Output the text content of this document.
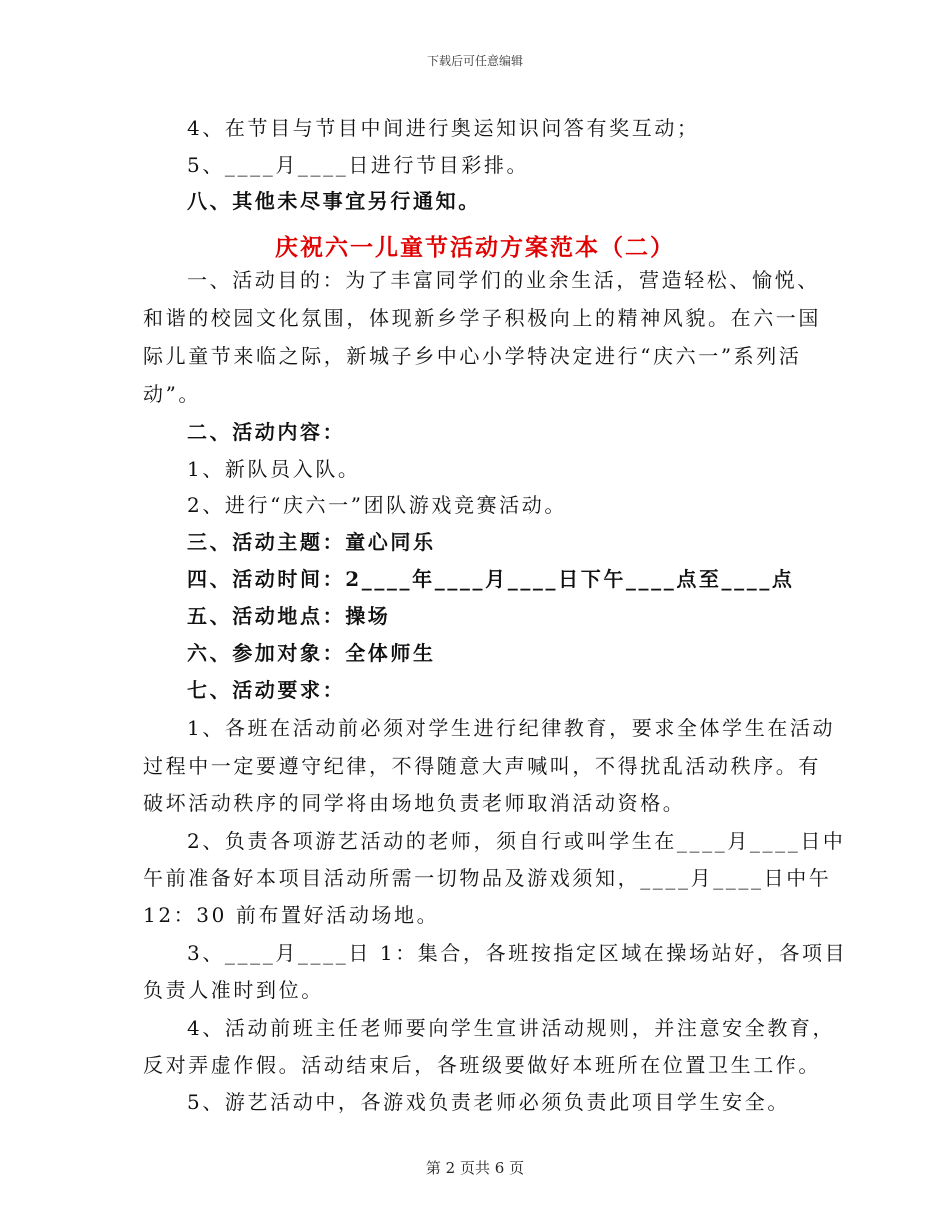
下载后可任意编辑
4、在节目与节目中间进行奥运知识问答有奖互动；
5、____月____日进行节目彩排。
八、其他未尽事宜另行通知。
庆祝六一儿童节活动方案范本（二）
一、活动目的：为了丰富同学们的业余生活，营造轻松、愉悦、
和谐的校园文化氛围，体现新乡学子积极向上的精神风貌。在六一国
际儿童节来临之际，新城子乡中心小学特决定进行“庆六一”系列活
动”。
二、活动内容：
1、新队员入队。
2、进行“庆六一”团队游戏竞赛活动。
三、活动主题：童心同乐
四、活动时间：2____年____月____日下午____点至____点
五、活动地点：操场
六、参加对象：全体师生
七、活动要求：
1、各班在活动前必须对学生进行纪律教育，要求全体学生在活动
过程中一定要遵守纪律，不得随意大声喊叫，不得扰乱活动秩序。有
破坏活动秩序的同学将由场地负责老师取消活动资格。
2、负责各项游艺活动的老师，须自行或叫学生在____月____日中
午前准备好本项目活动所需一切物品及游戏须知，____月____日中午
12：30 前布置好活动场地。
3、____月____日 1：集合，各班按指定区域在操场站好，各项目
负责人准时到位。
4、活动前班主任老师要向学生宣讲活动规则，并注意安全教育，
反对弄虚作假。活动结束后，各班级要做好本班所在位置卫生工作。
5、游艺活动中，各游戏负责老师必须负责此项目学生安全。
第 2 页共 6 页
